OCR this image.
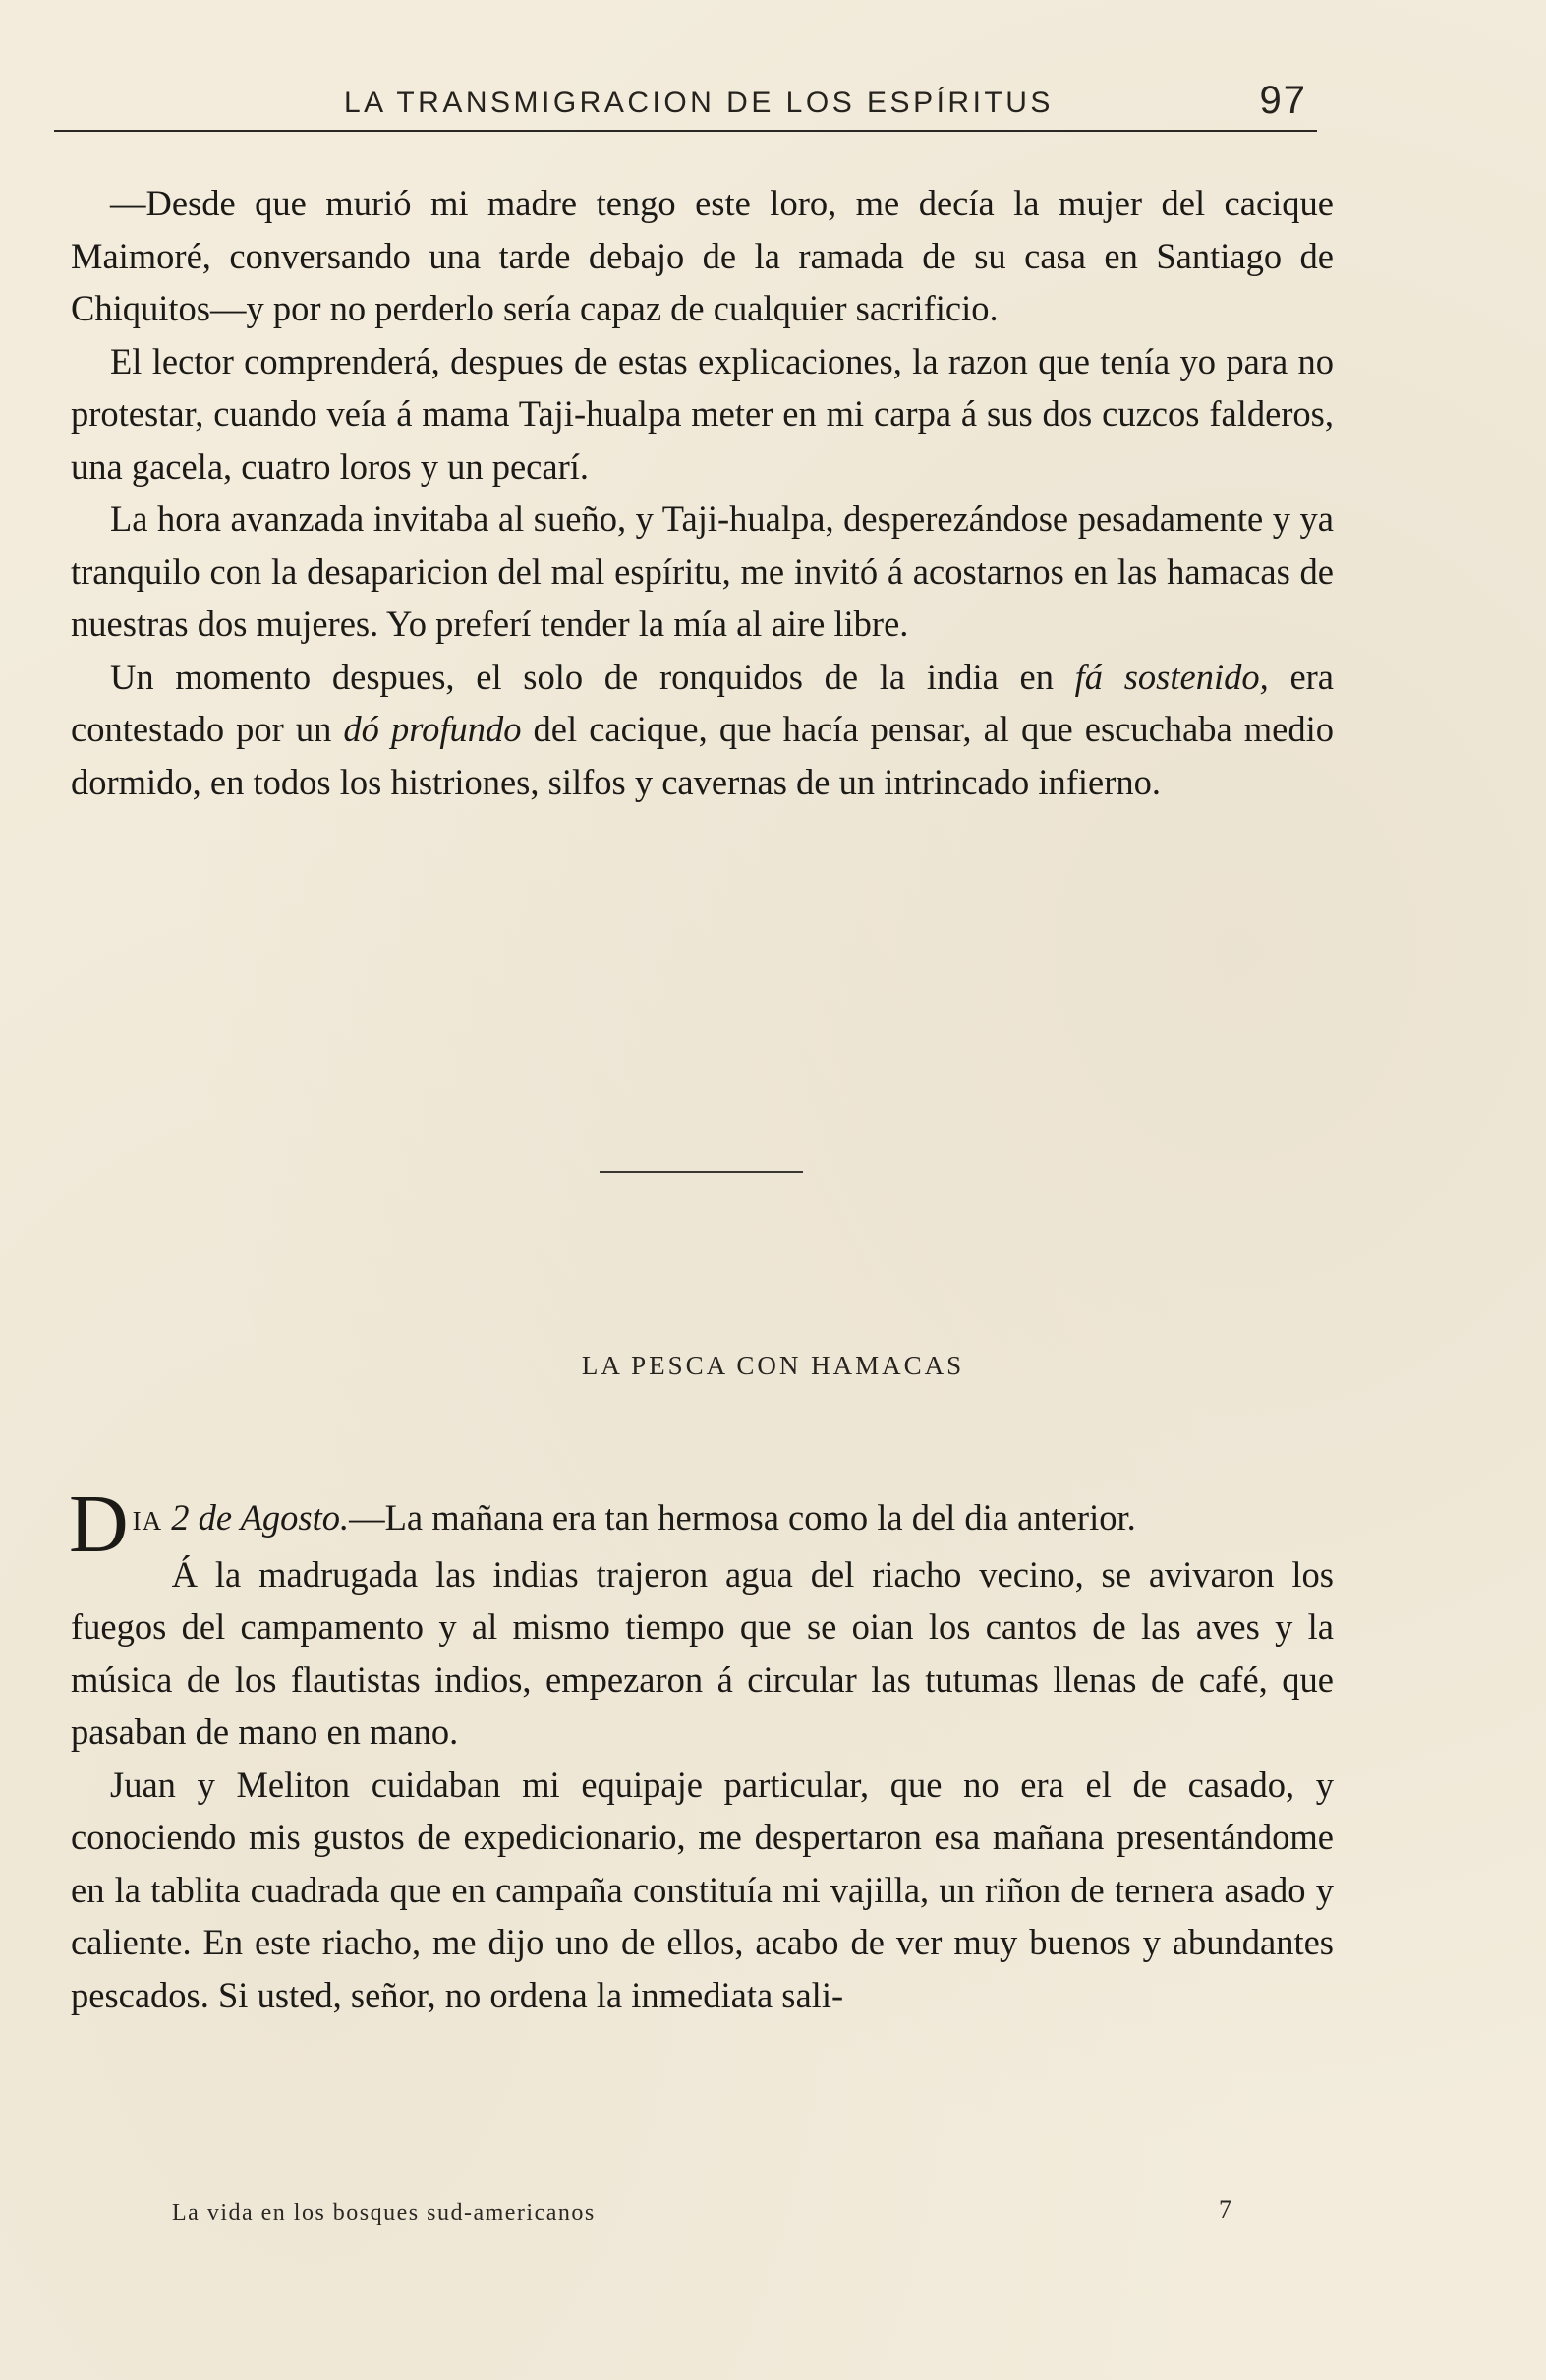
LA TRANSMIGRACION DE LOS ESPÍRITUS	97

—Desde que murió mi madre tengo este loro, me decía la mujer del cacique Maimoré, conversando una tarde debajo de la ramada de su casa en Santiago de Chiquitos—y por no perderlo sería capaz de cualquier sacrificio.

El lector comprenderá, despues de estas explicaciones, la razon que tenía yo para no protestar, cuando veía á mama Taji-hualpa meter en mi carpa á sus dos cuzcos falderos, una gacela, cuatro loros y un pecarí.

La hora avanzada invitaba al sueño, y Taji-hualpa, desperezándose pesadamente y ya tranquilo con la desaparicion del mal espíritu, me invitó á acostarnos en las hamacas de nuestras dos mujeres. Yo preferí tender la mía al aire libre.

Un momento despues, el solo de ronquidos de la india en fá sostenido, era contestado por un dó profundo del cacique, que hacía pensar, al que escuchaba medio dormido, en todos los histriones, silfos y cavernas de un intrincado infierno.

LA PESCA CON HAMACAS

DIA 2 de Agosto.—La mañana era tan hermosa como la del dia anterior.

Á la madrugada las indias trajeron agua del riacho vecino, se avivaron los fuegos del campamento y al mismo tiempo que se oian los cantos de las aves y la música de los flautistas indios, empezaron á circular las tutumas llenas de café, que pasaban de mano en mano.

Juan y Meliton cuidaban mi equipaje particular, que no era el de casado, y conociendo mis gustos de expedicionario, me despertaron esa mañana presentándome en la tablita cuadrada que en campaña constituía mi vajilla, un riñon de ternera asado y caliente. En este riacho, me dijo uno de ellos, acabo de ver muy buenos y abundantes pescados. Si usted, señor, no ordena la inmediata sali-

La vida en los bosques sud-americanos	7
